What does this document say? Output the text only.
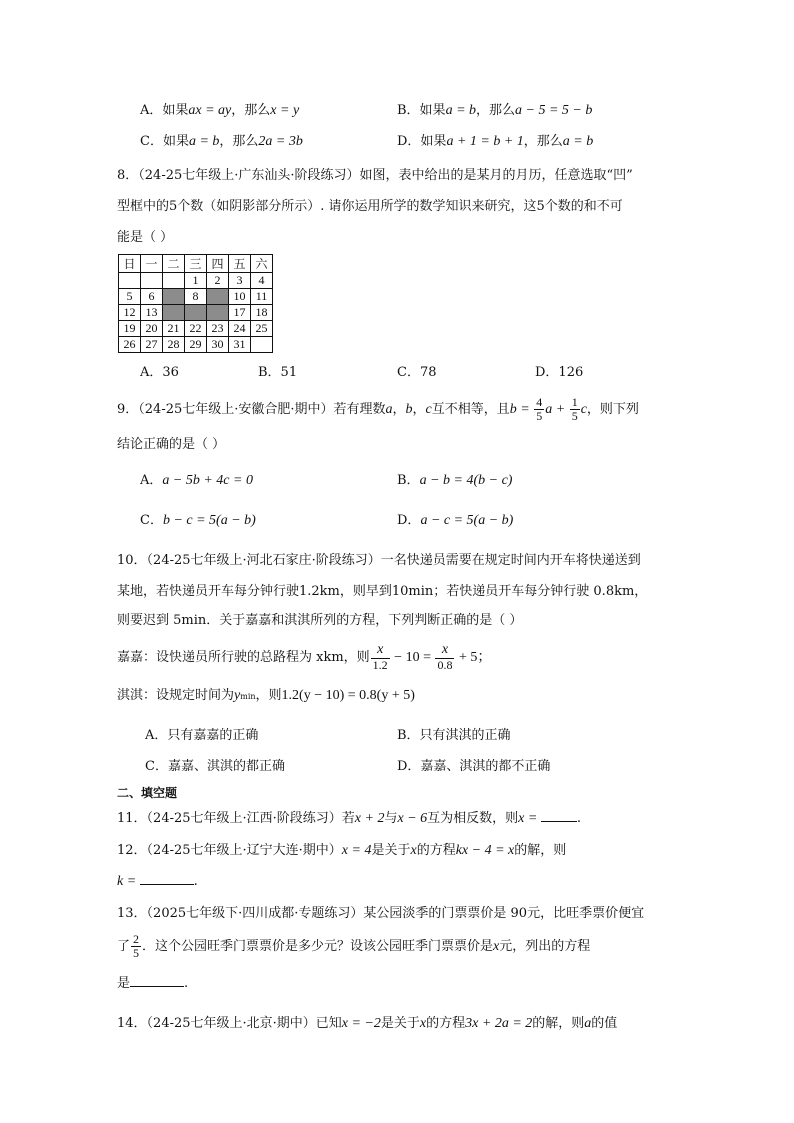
A．如果ax = ay，那么x = y	B．如果a = b，那么a − 5 = 5 − b
C．如果a = b，那么2a = 3b	D．如果a + 1 = b + 1，那么a = b
8．（24-25七年级上·广东汕头·阶段练习）如图，表中给出的是某月的月历，任意选取“凹”
型框中的5个数（如阴影部分所示）. 请你运用所学的数学知识来研究，这5个数的和不可
能是（ ）
日	一	二	三	四	五	六
			1	2	3	4
5	6		8		10	11
12	13				17	18
19	20	21	22	23	24	25
26	27	28	29	30	31	
A．36	B．51	C．78	D．126
9．（24-25七年级上·安徽合肥·期中）若有理数a，b，c互不相等，且$b = \frac{4}{5}$ $a + \frac{1}{5}$ c，则下列
结论正确的是（ ）
A．a − 5b + 4c = 0	B．a − b = 4(b − c)
C．b − c = 5(a − b)	D．a − c = 5(a − b)
10．（24-25七年级上·河北石家庄·阶段练习）一名快递员需要在规定时间内开车将快递送到
某地，若快递员开车每分钟行驶1.2km，则早到10min；若快递员开车每分钟行驶 0.8km，
则要迟到 5min．关于嘉嘉和淇淇所列的方程，下列判断正确的是（ ）
嘉嘉：设快递员所行驶的总路程为 xkm，则 $\frac{x}{1.2} - 10 = \frac{x}{0.8} + 5$；
淇淇：设规定时间为ymin，则1.2(y − 10) = 0.8(y + 5)
A．只有嘉嘉的正确	B．只有淇淇的正确
C．嘉嘉、淇淇的都正确	D．嘉嘉、淇淇的都不正确
二、填空题
11．（24-25七年级上·江西·阶段练习）若x + 2与x − 6互为相反数，则x =	.
12．（24-25七年级上·辽宁大连·期中）x = 4是关于x的方程kx − 4 = x的解，则
k =	.
13．（2025七年级下·四川成都·专题练习）某公园淡季的门票票价是 90元，比旺季票价便宜
了 $\frac{2}{5}$ ．这个公园旺季门票票价是多少元？设该公园旺季门票票价是x元，列出的方程
是	.
14．（24-25七年级上·北京·期中）已知x = −2是关于x的方程3x + 2a = 2的解，则a的值
